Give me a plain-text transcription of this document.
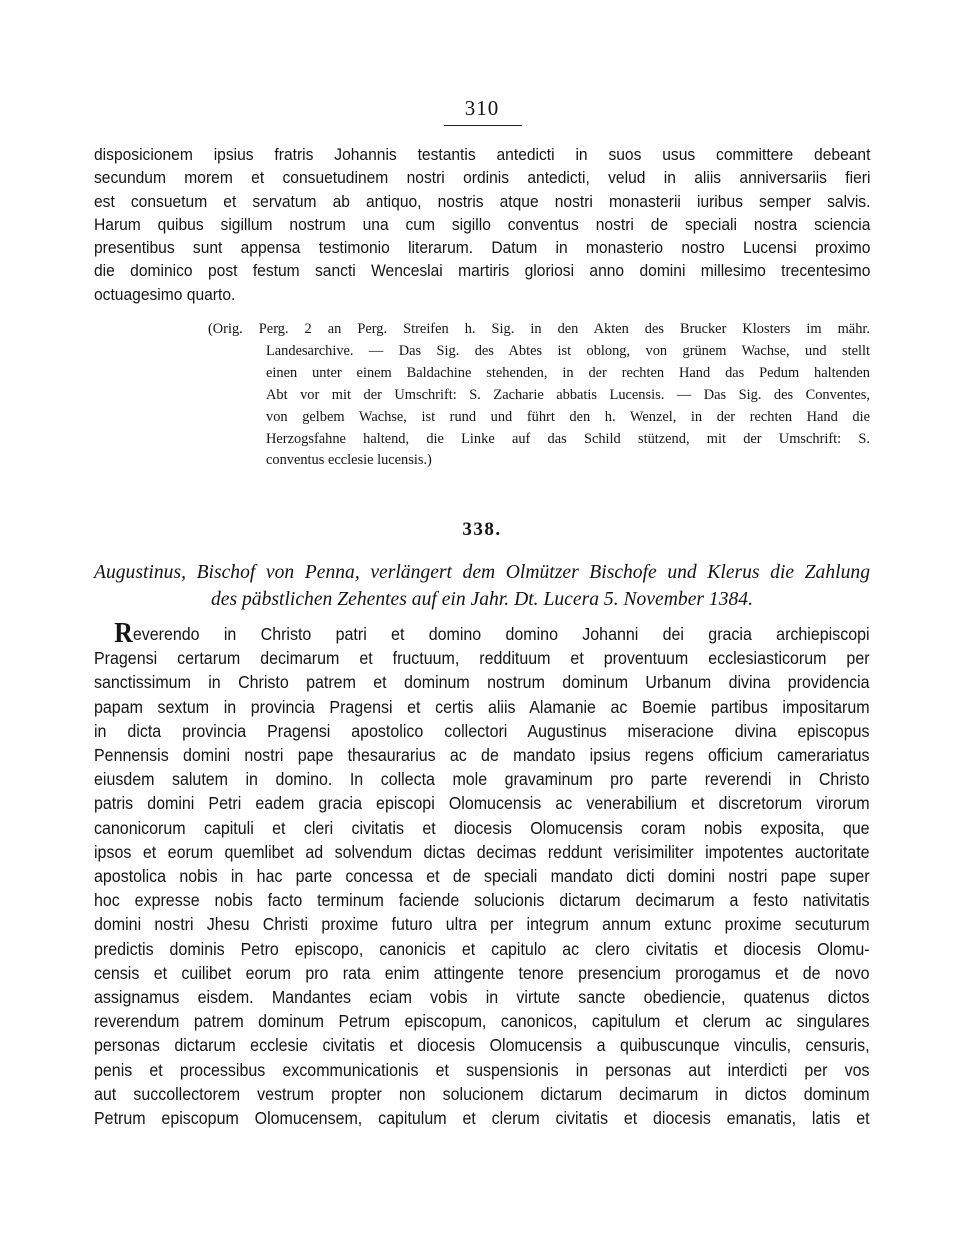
310
disposicionem ipsius fratris Johannis testantis antedicti in suos usus committere debeant
secundum morem et consuetudinem nostri ordinis antedicti, velud in aliis anniversariis fieri
est consuetum et servatum ab antiquo, nostris atque nostri monasterii iuribus semper salvis.
Harum quibus sigillum nostrum una cum sigillo conventus nostri de speciali nostra sciencia
presentibus sunt appensa testimonio literarum. Datum in monasterio nostro Lucensi proximo
die dominico post festum sancti Wenceslai martiris gloriosi anno domini millesimo trecentesimo
octuagesimo quarto.
(Orig. Perg. 2 an Perg. Streifen h. Sig. in den Akten des Brucker Klosters im mähr.
Landesarchive. — Das Sig. des Abtes ist oblong, von grünem Wachse, und stellt
einen unter einem Baldachine stehenden, in der rechten Hand das Pedum haltenden
Abt vor mit der Umschrift: S. Zacharie abbatis Lucensis. — Das Sig. des Conventes,
von gelbem Wachse, ist rund und führt den h. Wenzel, in der rechten Hand die
Herzogsfahne haltend, die Linke auf das Schild stützend, mit der Umschrift: S.
conventus ecclesie lucensis.)
338.
Augustinus, Bischof von Penna, verlängert dem Olmützer Bischofe und Klerus die Zahlung
des päbstlichen Zehentes auf ein Jahr. Dt. Lucera 5. November 1384.
Reverendo in Christo patri et domino domino Johanni dei gracia archiepiscopi
Pragensi certarum decimarum et fructuum, reddituum et proventuum ecclesiasticorum per
sanctissimum in Christo patrem et dominum nostrum dominum Urbanum divina providencia
papam sextum in provincia Pragensi et certis aliis Alamanie ac Boemie partibus impositarum
in dicta provincia Pragensi apostolico collectori Augustinus miseracione divina episcopus
Pennensis domini nostri pape thesaurarius ac de mandato ipsius regens officium camerariatus
eiusdem salutem in domino. In collecta mole gravaminum pro parte reverendi in Christo
patris domini Petri eadem gracia episcopi Olomucensis ac venerabilium et discretorum virorum
canonicorum capituli et cleri civitatis et diocesis Olomucensis coram nobis exposita, que
ipsos et eorum quemlibet ad solvendum dictas decimas reddunt verisimiliter impotentes auctoritate
apostolica nobis in hac parte concessa et de speciali mandato dicti domini nostri pape super
hoc expresse nobis facto terminum faciende solucionis dictarum decimarum a festo nativitatis
domini nostri Jhesu Christi proxime futuro ultra per integrum annum extunc proxime secuturum
predictis dominis Petro episcopo, canonicis et capitulo ac clero civitatis et diocesis Olomu-
censis et cuilibet eorum pro rata enim attingente tenore presencium prorogamus et de novo
assignamus eisdem. Mandantes eciam vobis in virtute sancte obediencie, quatenus dictos
reverendum patrem dominum Petrum episcopum, canonicos, capitulum et clerum ac singulares
personas dictarum ecclesie civitatis et diocesis Olomucensis a quibuscunque vinculis, censuris,
penis et processibus excommunicationis et suspensionis in personas aut interdicti per vos
aut succollectorem vestrum propter non solucionem dictarum decimarum in dictos dominum
Petrum episcopum Olomucensem, capitulum et clerum civitatis et diocesis emanatis, latis et
